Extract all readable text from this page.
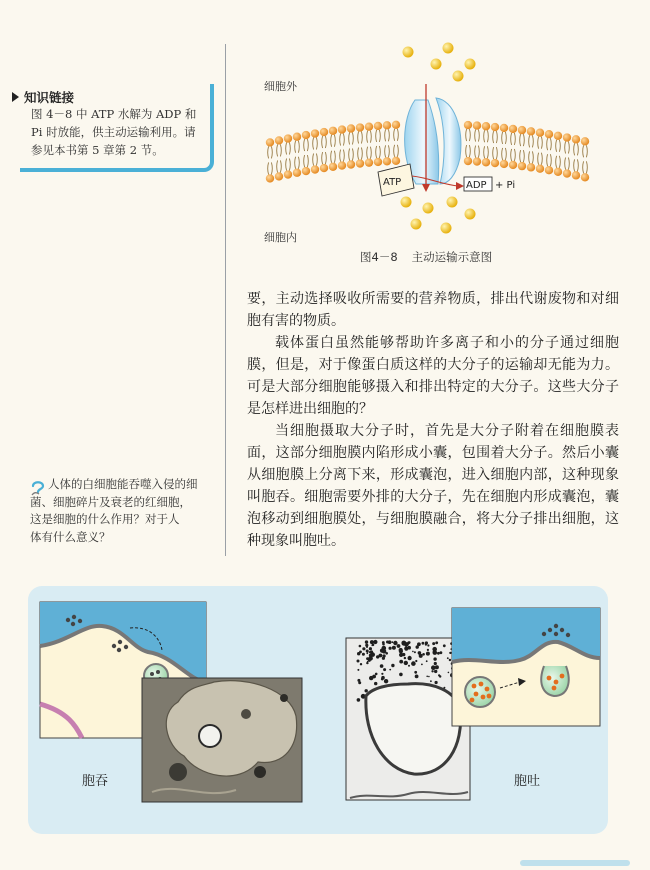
知识链接
图 4－8 中 ATP 水解为 ADP 和
Pi 时放能，供主动运输利用。请
参见本书第 5 章第 2 节。
人体的白细胞能吞噬入侵的细
菌、细胞碎片及衰老的红细胞，
这是细胞的什么作用？对于人
体有什么意义？
细胞外
细胞内
ATP	ADP + Pi
图4－8 主动运输示意图

要，主动选择吸收所需要的营养物质，排出代谢废物和对细胞有害的物质。

载体蛋白虽然能够帮助许多离子和小的分子通过细胞膜，但是，对于像蛋白质这样的大分子的运输却无能为力。可是大部分细胞能够摄入和排出特定的大分子。这些大分子是怎样进出细胞的？

当细胞摄取大分子时，首先是大分子附着在细胞膜表面，这部分细胞膜内陷形成小囊，包围着大分子。然后小囊从细胞膜上分离下来，形成囊泡，进入细胞内部，这种现象叫胞吞。细胞需要外排的大分子，先在细胞内形成囊泡，囊泡移动到细胞膜处，与细胞膜融合，将大分子排出细胞，这种现象叫胞吐。

胞吞	胞吐
